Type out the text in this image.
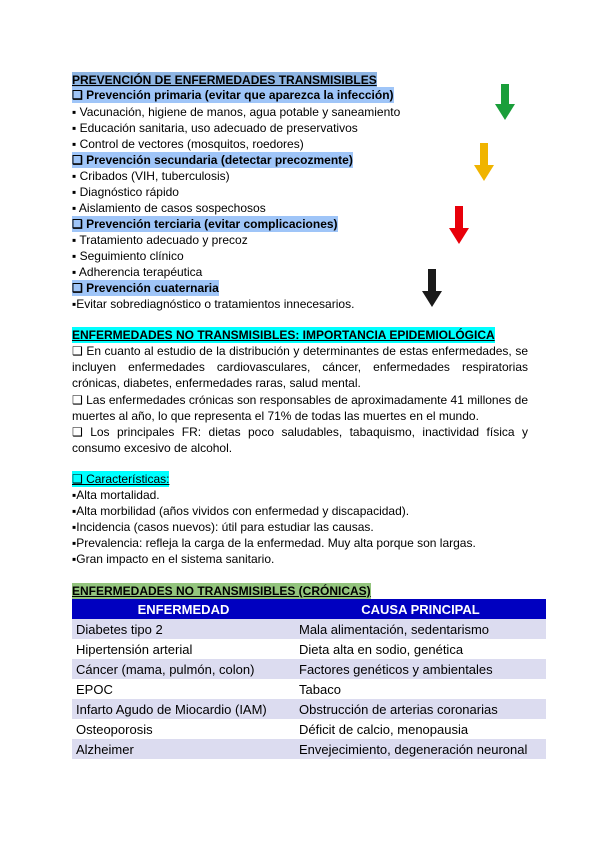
PREVENCIÓN DE ENFERMEDADES TRANSMISIBLES
❑ Prevención primaria (evitar que aparezca la infección)
▪ Vacunación, higiene de manos, agua potable y saneamiento
▪ Educación sanitaria, uso adecuado de preservativos
▪ Control de vectores (mosquitos, roedores)
❑ Prevención secundaria (detectar precozmente)
▪ Cribados (VIH, tuberculosis)
▪ Diagnóstico rápido
▪ Aislamiento de casos sospechosos
❑ Prevención terciaria (evitar complicaciones)
▪ Tratamiento adecuado y precoz
▪ Seguimiento clínico
▪ Adherencia terapéutica
❑ Prevención cuaternaria
▪Evitar sobrediagnóstico o tratamientos innecesarios.
ENFERMEDADES NO TRANSMISIBLES: IMPORTANCIA EPIDEMIOLÓGICA
❑ En cuanto al estudio de la distribución y determinantes de estas enfermedades, se incluyen enfermedades cardiovasculares, cáncer, enfermedades respiratorias crónicas, diabetes, enfermedades raras, salud mental.
❑ Las enfermedades crónicas son responsables de aproximadamente 41 millones de muertes al año, lo que representa el 71% de todas las muertes en el mundo.
❑ Los principales FR: dietas poco saludables, tabaquismo, inactividad física y consumo excesivo de alcohol.
❑ Características:
▪Alta mortalidad.
▪Alta morbilidad (años vividos con enfermedad y discapacidad).
▪Incidencia (casos nuevos): útil para estudiar las causas.
▪Prevalencia: refleja la carga de la enfermedad. Muy alta porque son largas.
▪Gran impacto en el sistema sanitario.
ENFERMEDADES NO TRANSMISIBLES (CRÓNICAS)
ENFERMEDAD	CAUSA PRINCIPAL
Diabetes tipo 2	Mala alimentación, sedentarismo
Hipertensión arterial	Dieta alta en sodio, genética
Cáncer (mama, pulmón, colon)	Factores genéticos y ambientales
EPOC	Tabaco
Infarto Agudo de Miocardio (IAM)	Obstrucción de arterias coronarias
Osteoporosis	Déficit de calcio, menopausia
Alzheimer	Envejecimiento, degeneración neuronal
